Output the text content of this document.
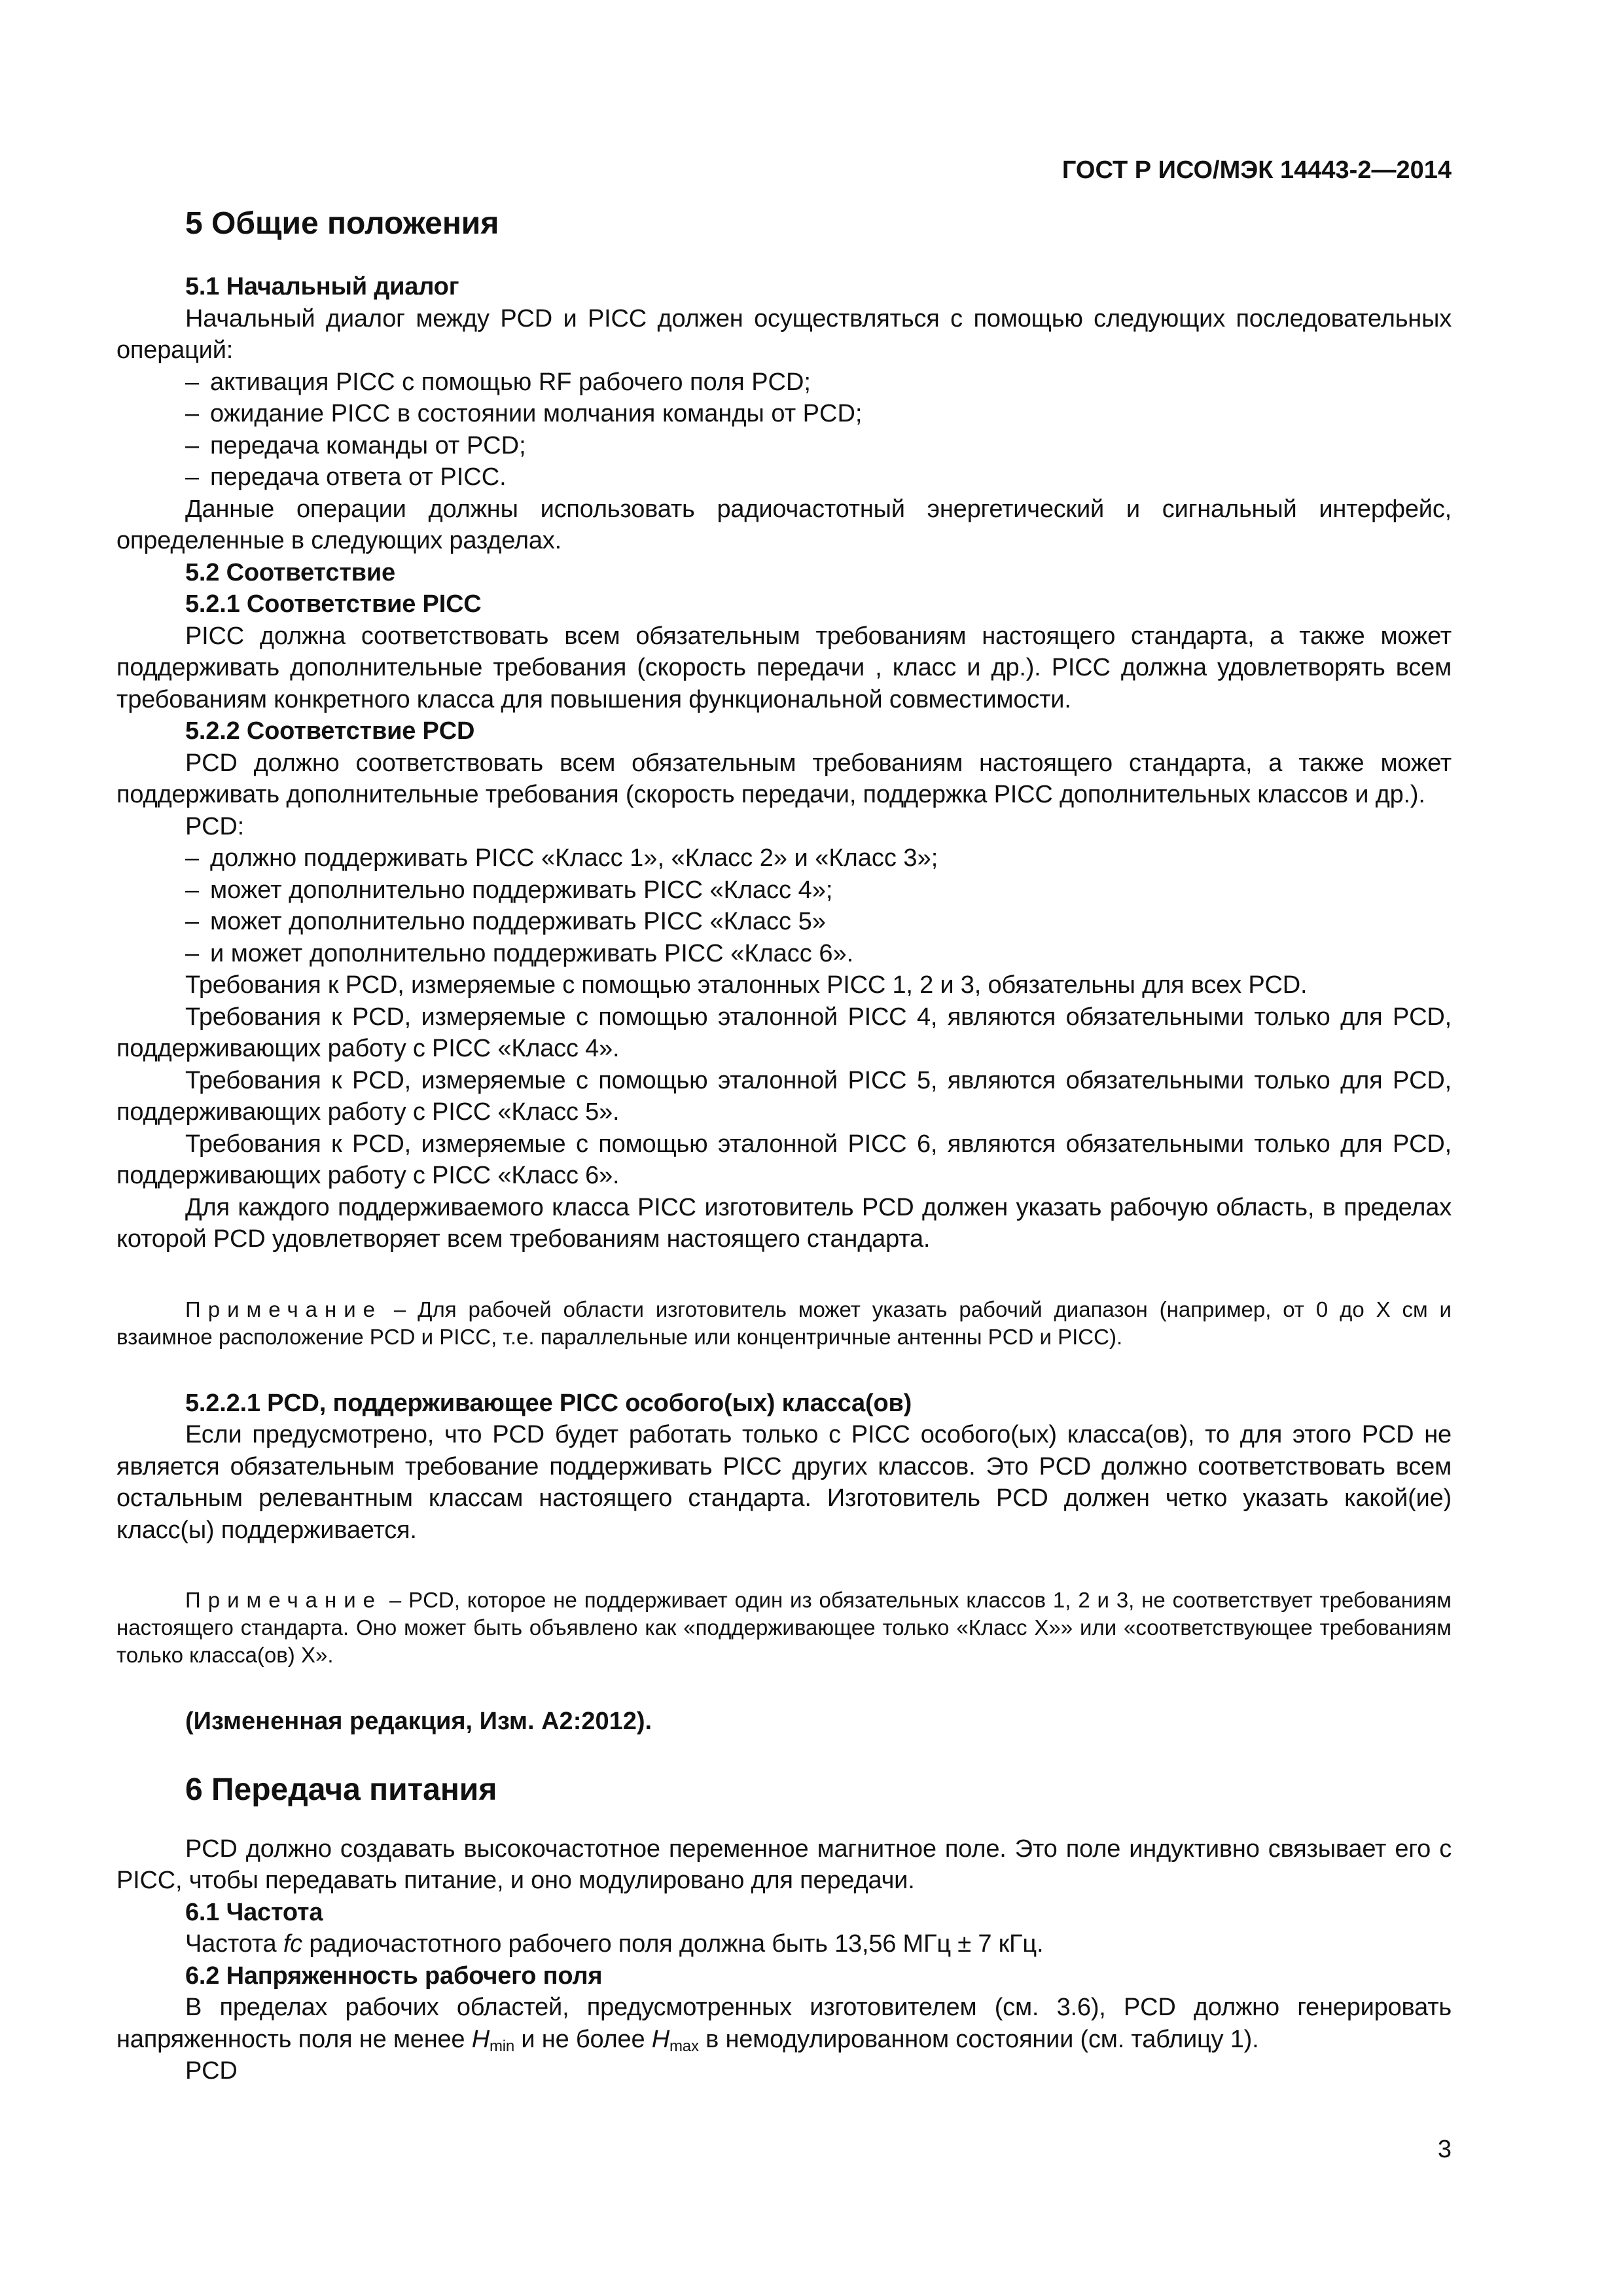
ГОСТ Р ИСО/МЭК 14443-2—2014
5 Общие положения

5.1 Начальный диалог

Начальный диалог между PCD и PICC должен осуществляться с помощью следующих последовательных операций:

– активация PICC с помощью RF рабочего поля PCD;
– ожидание PICC в состоянии молчания команды от PCD;
– передача команды от PCD;
– передача ответа от PICC.

Данные операции должны использовать радиочастотный энергетический и сигнальный интерфейс, определенные в следующих разделах.

5.2 Соответствие

5.2.1 Соответствие PICC

PICC должна соответствовать всем обязательным требованиям настоящего стандарта, а также может поддерживать дополнительные требования (скорость передачи , класс и др.). PICC должна удовлетворять всем требованиям конкретного класса для повышения функциональной совместимости.

5.2.2 Соответствие PCD

PCD должно соответствовать всем обязательным требованиям настоящего стандарта, а также может поддерживать дополнительные требования (скорость передачи, поддержка PICC дополнительных классов и др.).

PCD:

– должно поддерживать PICC «Класс 1», «Класс 2» и «Класс 3»;
– может дополнительно поддерживать PICC «Класс 4»;
– может дополнительно поддерживать PICC «Класс 5»
– и может дополнительно поддерживать PICC «Класс 6».

Требования к PCD, измеряемые с помощью эталонных PICC 1, 2 и 3, обязательны для всех PCD.

Требования к PCD, измеряемые с помощью эталонной PICC 4, являются обязательными только для PCD, поддерживающих работу с PICC «Класс 4».

Требования к PCD, измеряемые с помощью эталонной PICC 5, являются обязательными только для PCD, поддерживающих работу с PICC «Класс 5».

Требования к PCD, измеряемые с помощью эталонной PICC 6, являются обязательными только для PCD, поддерживающих работу с PICC «Класс 6».

Для каждого поддерживаемого класса PICC изготовитель PCD должен указать рабочую область, в пределах которой PCD удовлетворяет всем требованиям настоящего стандарта.

Примечание – Для рабочей области изготовитель может указать рабочий диапазон (например, от 0 до X см и взаимное расположение PCD и PICC, т.е. параллельные или концентричные антенны PCD и PICC).

5.2.2.1 PCD, поддерживающее PICC особого(ых) класса(ов)

Если предусмотрено, что PCD будет работать только с PICC особого(ых) класса(ов), то для этого PCD не является обязательным требование поддерживать PICC других классов. Это PCD должно соответствовать всем остальным релевантным классам настоящего стандарта. Изготовитель PCD должен четко указать какой(ие) класс(ы) поддерживается.

Примечание – PCD, которое не поддерживает один из обязательных классов 1, 2 и 3, не соответствует требованиям настоящего стандарта. Оно может быть объявлено как «поддерживающее только «Класс X»» или «соответствующее требованиям только класса(ов) X».

(Измененная редакция, Изм. А2:2012).

6 Передача питания

PCD должно создавать высокочастотное переменное магнитное поле. Это поле индуктивно связывает его с PICC, чтобы передавать питание, и оно модулировано для передачи.

6.1 Частота

Частота fc радиочастотного рабочего поля должна быть 13,56 МГц ± 7 кГц.

6.2 Напряженность рабочего поля

В пределах рабочих областей, предусмотренных изготовителем (см. 3.6), PCD должно генерировать напряженность поля не менее $H_{min}$ и не более $H_{max}$ в немодулированном состоянии (см. таблицу 1).

PCD

3
